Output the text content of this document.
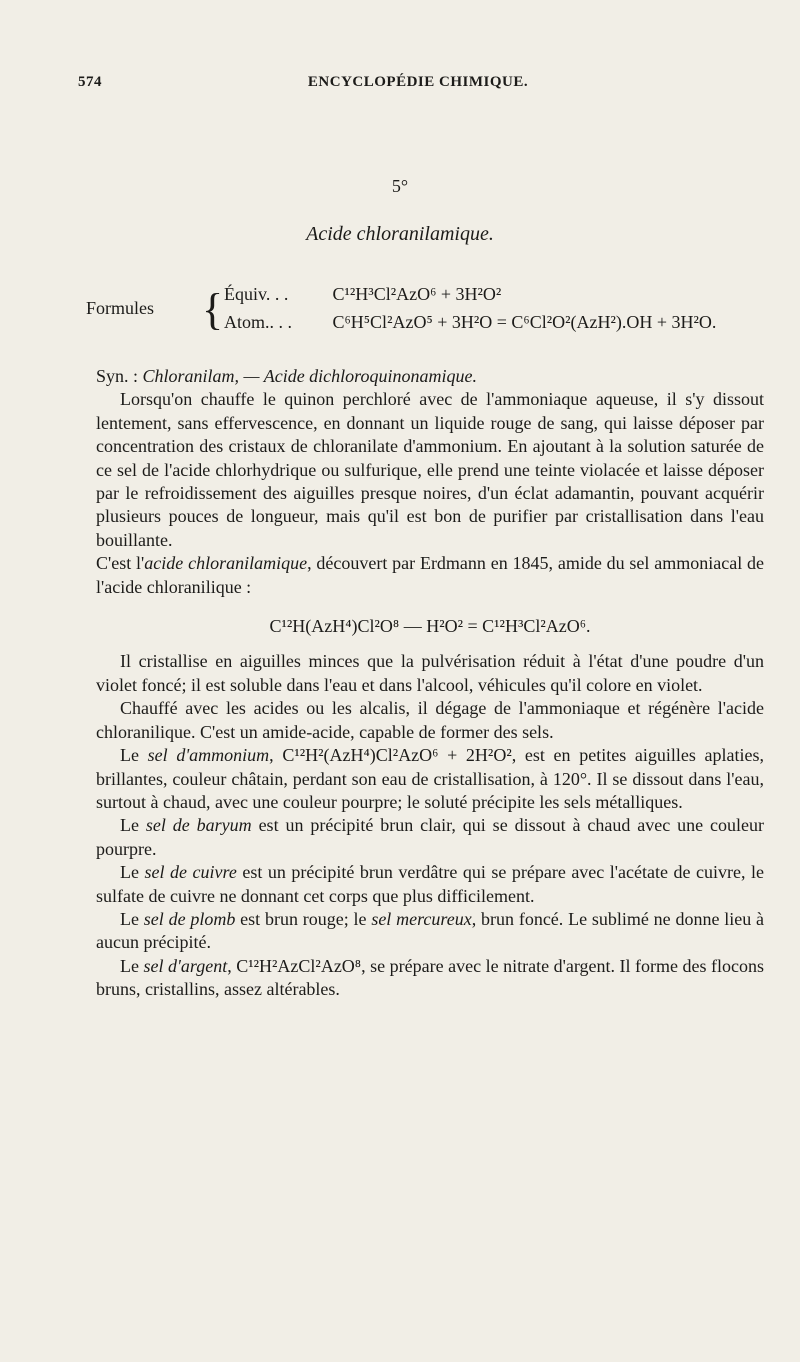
574	ENCYCLOPÉDIE CHIMIQUE.
5°
Acide chloranilamique.
Formules { Équiv. . . C¹²H³Cl²AzO⁶ + 3H²O²
Atom.. . . C⁶H⁵Cl²AzO⁵ + 3H²O = C⁶Cl²O²(AzH²).OH + 3H²O.

Syn. : Chloranilam, — Acide dichloroquinonamique.

Lorsqu'on chauffe le quinon perchloré avec de l'ammoniaque aqueuse, il s'y dissout lentement, sans effervescence, en donnant un liquide rouge de sang, qui laisse déposer par concentration des cristaux de chloranilate d'ammonium. En ajoutant à la solution saturée de ce sel de l'acide chlorhydrique ou sulfurique, elle prend une teinte violacée et laisse déposer par le refroidissement des aiguilles presque noires, d'un éclat adamantin, pouvant acquérir plusieurs pouces de longueur, mais qu'il est bon de purifier par cristallisation dans l'eau bouillante.

C'est l'acide chloranilamique, découvert par Erdmann en 1845, amide du sel ammoniacal de l'acide chloranilique :

C¹²H(AzH⁴)Cl²O⁸ — H²O² = C¹²H³Cl²AzO⁶.

Il cristallise en aiguilles minces que la pulvérisation réduit à l'état d'une poudre d'un violet foncé; il est soluble dans l'eau et dans l'alcool, véhicules qu'il colore en violet.

Chauffé avec les acides ou les alcalis, il dégage de l'ammoniaque et régénère l'acide chloranilique. C'est un amide-acide, capable de former des sels.

Le sel d'ammonium, C¹²H²(AzH⁴)Cl²AzO⁶ + 2H²O², est en petites aiguilles aplaties, brillantes, couleur châtain, perdant son eau de cristallisation, à 120°. Il se dissout dans l'eau, surtout à chaud, avec une couleur pourpre; le soluté précipite les sels métalliques.

Le sel de baryum est un précipité brun clair, qui se dissout à chaud avec une couleur pourpre.

Le sel de cuivre est un précipité brun verdâtre qui se prépare avec l'acétate de cuivre, le sulfate de cuivre ne donnant cet corps que plus difficilement.

Le sel de plomb est brun rouge; le sel mercureux, brun foncé. Le sublimé ne donne lieu à aucun précipité.

Le sel d'argent, C¹²H²AzCl²AzO⁸, se prépare avec le nitrate d'argent. Il forme des flocons bruns, cristallins, assez altérables.
